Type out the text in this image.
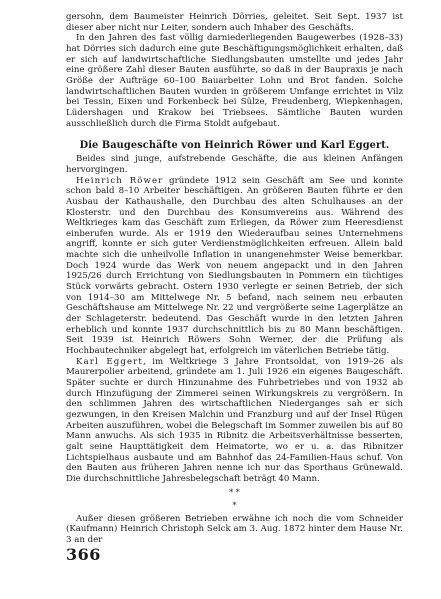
gersohn, dem Baumeister Heinrich Dörries, geleitet. Seit Sept. 1937 ist dieser aber nicht nur Leiter, sondern auch Inhaber des Geschäfts.

In den Jahren des fast völlig darniederliegenden Baugewerbes (1928–33) hat Dörries sich dadurch eine gute Beschäftigungsmöglichkeit erhalten, daß er sich auf landwirtschaftliche Siedlungsbauten umstellte und jedes Jahr eine größere Zahl dieser Bauten ausführte, so daß in der Baupraxis je nach Größe der Aufträge 60–100 Bauarbeiter Lohn und Brot fanden. Solche landwirtschaftlichen Bauten wurden in größerem Umfange errichtet in Vilz bei Tessin, Eixen und Forkenbeck bei Sülze, Freudenberg, Wiepkenhagen, Lüdershagen und Krakow bei Triebsees. Sämtliche Bauten wurden ausschließlich durch die Firma Stoldt aufgebaut.

Die Baugeschäfte von Heinrich Röwer und Karl Eggert.

Beides sind junge, aufstrebende Geschäfte, die aus kleinen Anfängen hervorgingen.

Heinrich Röwer gründete 1912 sein Geschäft am See und konnte schon bald 8–10 Arbeiter beschäftigen. An größeren Bauten führte er den Ausbau der Kathaushalle, den Durchbau des alten Schulhauses an der Klosterstr. und den Durchbau des Konsumvereins aus. Während des Weltkrieges kam das Geschäft zum Erliegen, da Röwer zum Heeresdienst einberufen wurde. Als er 1919 den Wiederaufbau seines Unternehmens angriff, konnte er sich guter Verdienstmöglichkeiten erfreuen. Allein bald machte sich die unheilvolle Inflation in unangenehmster Weise bemerkbar. Doch 1924 wurde das Werk von neuem angepackt und in den Jahren 1925/26 durch Errichtung von Siedlungsbauten in Pommern ein tüchtiges Stück vorwärts gebracht. Ostern 1930 verlegte er seinen Betrieb, der sich von 1914–30 am Mittelwege Nr. 5 befand, nach seinem neu erbauten Geschäftshause am Mittelwege Nr. 22 und vergrößerte seine Lagerplätze an der Schlageterstr. bedeutend. Das Geschäft wurde in den letzten Jahren erheblich und konnte 1937 durchschnittlich bis zu 80 Mann beschäftigen. Seit 1939 ist Heinrich Röwers Sohn Werner, der die Prüfung als Hochbautechniker abgelegt hat, erfolgreich im väterlichen Betriebe tätig.

Karl Eggert, im Weltkriege 3 Jahre Frontsoldat, von 1919–26 als Maurerpolier arbeitend, gründete am 1. Juli 1926 ein eigenes Baugeschäft. Später suchte er durch Hinzunahme des Fuhrbetriebes und von 1932 ab durch Hinzufügung der Zimmerei seinen Wirkungskreis zu vergrößern. In den schlimmen Jahren des wirtschaftlichen Niederganges sah er sich gezwungen, in den Kreisen Malchin und Franzburg und auf der Insel Rügen Arbeiten auszuführen, wobei die Belegschaft im Sommer zuweilen bis auf 80 Mann anwuchs. Als sich 1935 in Ribnitz die Arbeitsverhältnisse besserten, galt seine Haupttätigkeit dem Heimatorte, wo er u. a. das Ribnitzer Lichtspielhaus ausbaute und am Bahnhof das 24-Familien-Haus schuf. Von den Bauten aus früheren Jahren nenne ich nur das Sporthaus Grünewald. Die durchschnittliche Jahresbelegschaft beträgt 40 Mann.

* *
*

Außer diesen größeren Betrieben erwähne ich noch die vom Schneider (Kaufmann) Heinrich Christoph Selck am 3. Aug. 1872 hinter dem Hause Nr. 3 an der

366
